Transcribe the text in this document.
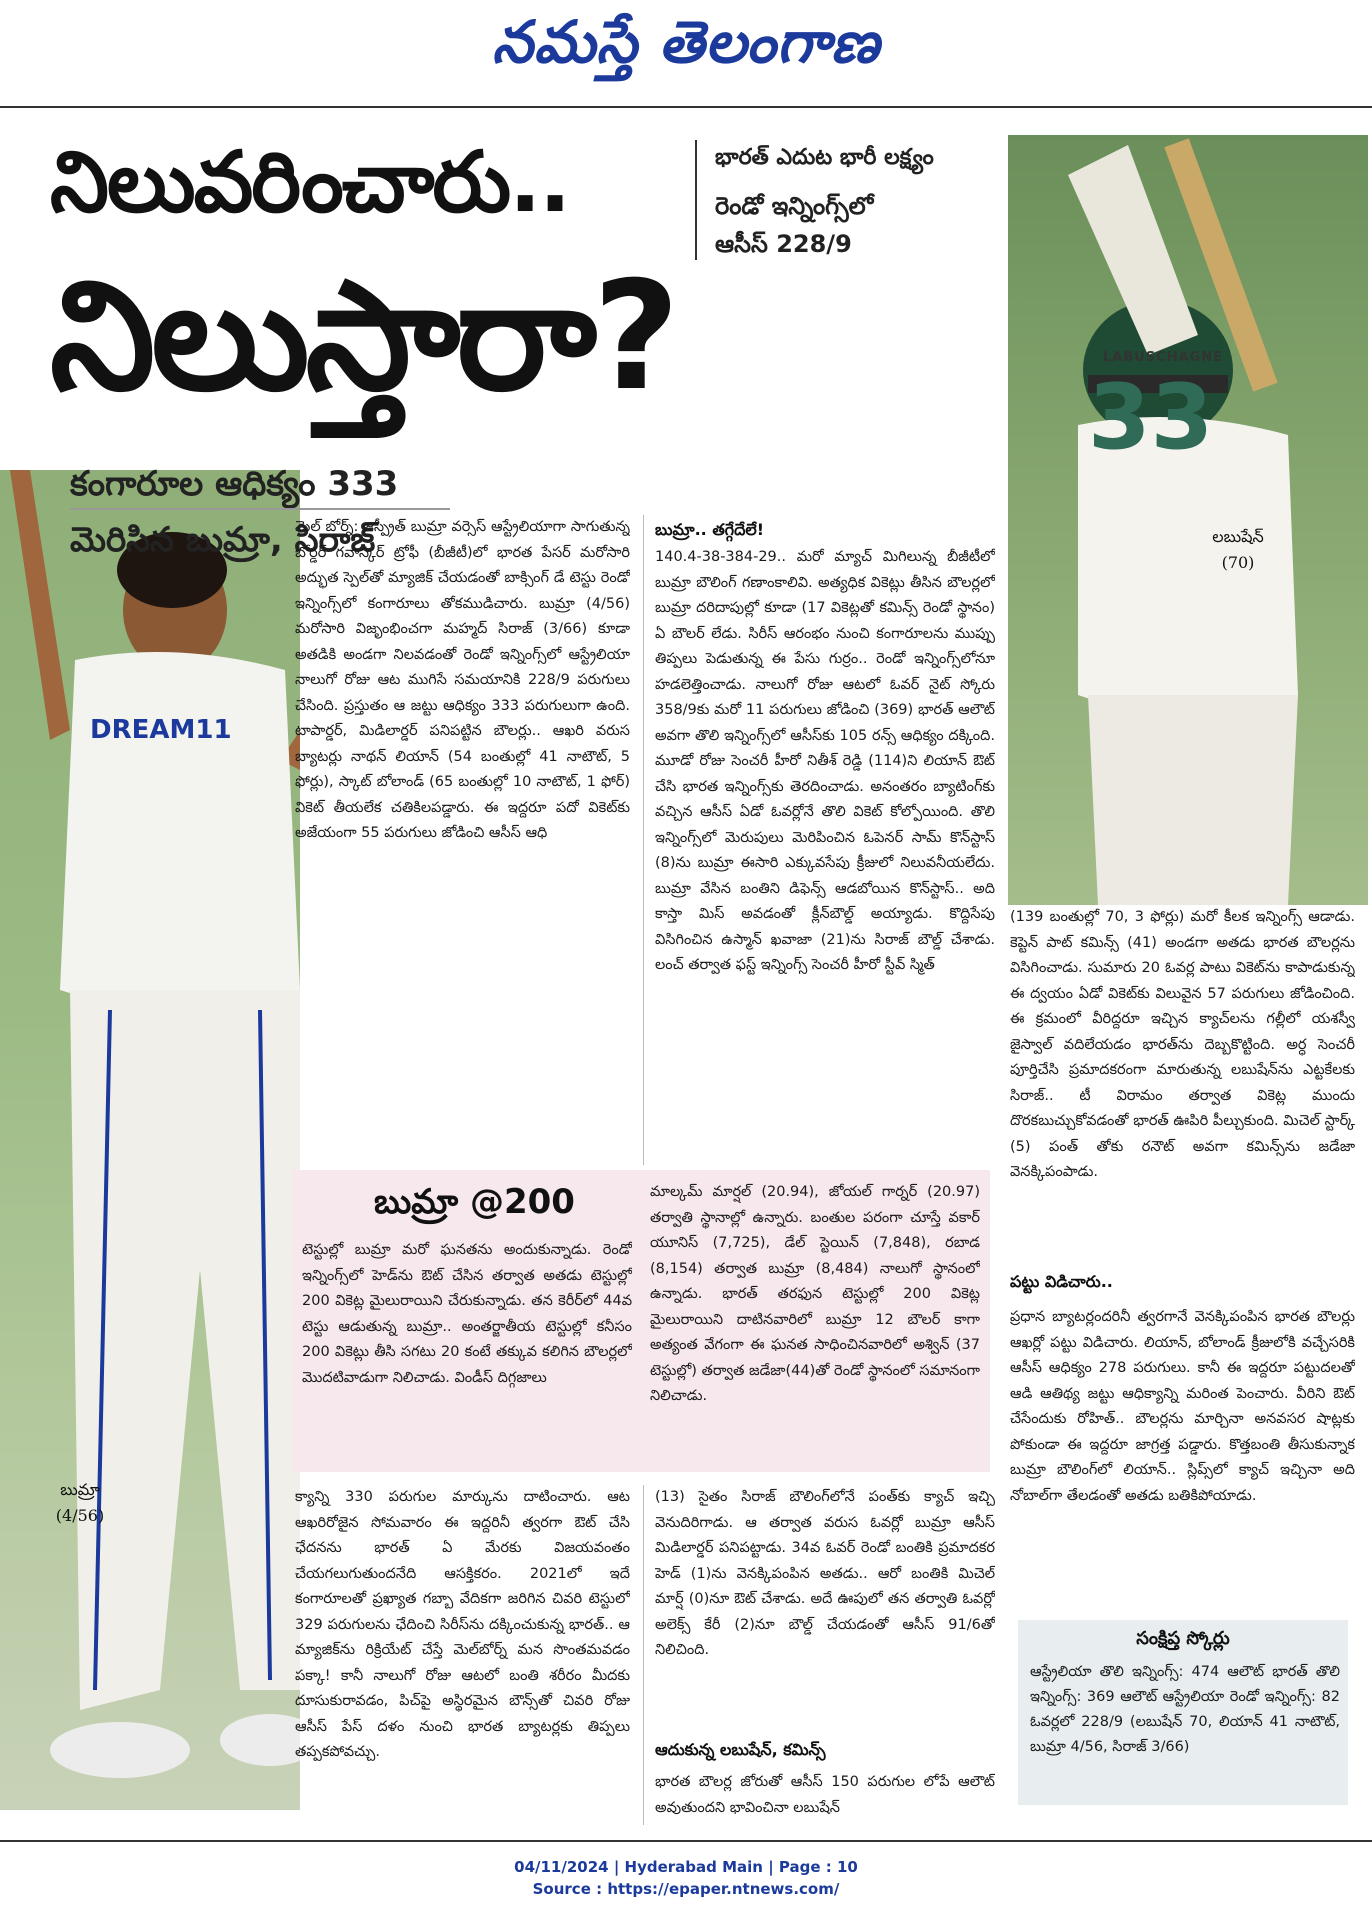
నమస్తే తెలంగాణ
నిలువరించారు..	భారత్ ఎదుట భారీ లక్ష్యం
రెండో ఇన్నింగ్స్‌లో
ఆసీస్ 228/9
నిలుస్తారా?
DREAM11
బుమ్రా
(4/56)
కంగారూల ఆధిక్యం 333
మెరిసిన బుమ్రా, సిరాజ్
LABUSCHAGNE
33
లబుషేన్
(70)
మెల్ బోర్న్: జస్ప్రీత్ బుమ్రా వర్సెస్ ఆస్ట్రేలియాగా సాగుతున్న బోర్డర్ గవాస్కర్ ట్రోఫీ (బీజీటీ)లో భారత పేసర్ మరోసారి అద్భుత స్పెల్‌తో మ్యాజిక్ చేయడంతో బాక్సింగ్ డే టెస్టు రెండో ఇన్నింగ్స్‌లో కంగారూలు తోకముడిచారు. బుమ్రా (4/56) మరోసారి విజృంభించగా మహ్మద్ సిరాజ్ (3/66) కూడా అతడికి అండగా నిలవడంతో రెండో ఇన్నింగ్స్‌లో ఆస్ట్రేలియా నాలుగో రోజు ఆట ముగిసే సమయానికి 228/9 పరుగులు చేసింది. ప్రస్తుతం ఆ జట్టు ఆధిక్యం 333 పరుగులుగా ఉంది. టాపార్డర్, మిడిలార్డర్ పనిపట్టిన బౌలర్లు.. ఆఖరి వరుస బ్యాటర్లు నాథన్ లియాన్ (54 బంతుల్లో 41 నాటౌట్, 5 ఫోర్లు), స్కాట్ బోలాండ్ (65 బంతుల్లో 10 నాటౌట్, 1 ఫోర్) వికెట్ తీయలేక చతికిలపడ్డారు. ఈ ఇద్దరూ పదో వికెట్‌కు అజేయంగా 55 పరుగులు జోడించి ఆసీస్ ఆధి
బుమ్రా.. తగ్గేదేలే!
140.4-38-384-29.. మరో మ్యాచ్ మిగిలున్న బీజీటీలో బుమ్రా బౌలింగ్ గణాంకాలివి. అత్యధిక వికెట్లు తీసిన బౌలర్లలో బుమ్రా దరిదాపుల్లో కూడా (17 వికెట్లతో కమిన్స్ రెండో స్థానం) ఏ బౌలర్ లేడు. సిరీస్ ఆరంభం నుంచి కంగారూలను ముప్పు తిప్పలు పెడుతున్న ఈ పేసు గుర్రం.. రెండో ఇన్నింగ్స్‌లోనూ హడలెత్తించాడు. నాలుగో రోజు ఆటలో ఓవర్ నైట్ స్కోరు 358/9కు మరో 11 పరుగులు జోడించి (369) భారత్ ఆలౌట్ అవగా తొలి ఇన్నింగ్స్‌లో ఆసీస్‌కు 105 రన్స్ ఆధిక్యం దక్కింది. మూడో రోజు సెంచరీ హీరో నితీశ్ రెడ్డి (114)ని లియాన్ ఔట్ చేసి భారత ఇన్నింగ్స్‌కు తెరదించాడు. అనంతరం బ్యాటింగ్‌కు వచ్చిన ఆసీస్ ఏడో ఓవర్లోనే తొలి వికెట్ కోల్పోయింది. తొలి ఇన్నింగ్స్‌లో మెరుపులు మెరిపించిన ఓపెనర్ సామ్ కొన్‌స్టాస్ (8)ను బుమ్రా ఈసారి ఎక్కువసేపు క్రీజులో నిలువనీయలేదు. బుమ్రా వేసిన బంతిని డిఫెన్స్ ఆడబోయిన కొన్‌స్టాస్.. అది కాస్తా మిస్ అవడంతో క్లీన్‌బౌల్డ్ అయ్యాడు. కొద్దిసేపు విసిగించిన ఉస్మాన్ ఖవాజా (21)ను సిరాజ్ బౌల్డ్ చేశాడు. లంచ్ తర్వాత ఫస్ట్ ఇన్నింగ్స్ సెంచరీ హీరో స్టీవ్ స్మిత్
(139 బంతుల్లో 70, 3 ఫోర్లు) మరో కీలక ఇన్నింగ్స్ ఆడాడు. కెప్టెన్ పాట్ కమిన్స్ (41) అండగా అతడు భారత బౌలర్లను విసిగించాడు. సుమారు 20 ఓవర్ల పాటు వికెట్‌ను కాపాడుకున్న ఈ ద్వయం ఏడో వికెట్‌కు విలువైన 57 పరుగులు జోడించింది. ఈ క్రమంలో వీరిద్దరూ ఇచ్చిన క్యాచ్‌లను గల్లీలో యశస్వీ జైస్వాల్ వదిలేయడం భారత్‌ను దెబ్బకొట్టింది. అర్ధ సెంచరీ పూర్తిచేసి ప్రమాదకరంగా మారుతున్న లబుషేన్‌ను ఎట్టకేలకు సిరాజ్.. టీ విరామం తర్వాత వికెట్ల ముందు దొరకబుచ్చుకోవడంతో భారత్ ఊపిరి పీల్చుకుంది. మిచెల్ స్టార్క్ (5) పంత్ తోకు రనౌట్ అవగా కమిన్స్‌ను జడేజా వెనక్కిపంపాడు.
పట్టు విడిచారు..
ప్రధాన బ్యాటర్లందరినీ త్వరగానే వెనక్కిపంపిన భారత బౌలర్లు ఆఖర్లో పట్టు విడిచారు. లియాన్, బోలాండ్ క్రీజులోకి వచ్చేసరికి ఆసీస్ ఆధిక్యం 278 పరుగులు. కానీ ఈ ఇద్దరూ పట్టుదలతో ఆడి ఆతిథ్య జట్టు ఆధిక్యాన్ని మరింత పెంచారు. వీరిని ఔట్ చేసేందుకు రోహిత్.. బౌలర్లను మార్చినా అనవసర షాట్లకు పోకుండా ఈ ఇద్దరూ జాగ్రత్త పడ్డారు. కొత్తబంతి తీసుకున్నాక బుమ్రా బౌలింగ్‌లో లియాన్.. స్లిప్స్‌లో క్యాచ్ ఇచ్చినా అది నోబాల్‌గా తేలడంతో అతడు బతికిపోయాడు.
బుమ్రా @200
టెస్టుల్లో బుమ్రా మరో ఘనతను అందుకున్నాడు. రెండో ఇన్నింగ్స్‌లో హెడ్‌ను ఔట్ చేసిన తర్వాత అతడు టెస్టుల్లో 200 వికెట్ల మైలురాయిని చేరుకున్నాడు. తన కెరీర్‌లో 44వ టెస్టు ఆడుతున్న బుమ్రా.. అంతర్జాతీయ టెస్టుల్లో కనీసం 200 వికెట్లు తీసి సగటు 20 కంటే తక్కువ కలిగిన బౌలర్లలో మొదటివాడుగా నిలిచాడు. విండీస్ దిగ్గజాలు
మాల్కమ్ మార్షల్ (20.94), జోయల్ గార్నర్ (20.97) తర్వాతి స్థానాల్లో ఉన్నారు. బంతుల పరంగా చూస్తే వకార్ యూనిస్ (7,725), డేల్ స్టెయిన్ (7,848), రబాడ (8,154) తర్వాత బుమ్రా (8,484) నాలుగో స్థానంలో ఉన్నాడు. భారత్ తరఫున టెస్టుల్లో 200 వికెట్ల మైలురాయిని దాటినవారిలో బుమ్రా 12 బౌలర్ కాగా అత్యంత వేగంగా ఈ ఘనత సాధించినవారిలో అశ్విన్ (37 టెస్టుల్లో) తర్వాత జడేజా(44)తో రెండో స్థానంలో సమానంగా నిలిచాడు.
క్యాన్ని 330 పరుగుల మార్కును దాటించారు. ఆట ఆఖరిరోజైన సోమవారం ఈ ఇద్దరినీ త్వరగా ఔట్ చేసి ఛేదనను భారత్ ఏ మేరకు విజయవంతం చేయగలుగుతుందనేది ఆసక్తికరం. 2021లో ఇదే కంగారూలతో ప్రఖ్యాత గబ్బా వేదికగా జరిగిన చివరి టెస్టులో 329 పరుగులను ఛేదించి సిరీస్‌ను దక్కించుకున్న భారత్.. ఆ మ్యాజిక్‌ను రిక్రియేట్ చేస్తే మెల్‌బోర్న్ మన సొంతమవడం పక్కా! కానీ నాలుగో రోజు ఆటలో బంతి శరీరం మీదకు దూసుకురావడం, పిచ్‌పై అస్థిరమైన బౌన్స్‌తో చివరి రోజు ఆసీస్ పేస్ దళం నుంచి భారత బ్యాటర్లకు తిప్పలు తప్పకపోవచ్చు.
(13) సైతం సిరాజ్ బౌలింగ్‌లోనే పంత్‌కు క్యాచ్ ఇచ్చి వెనుదిరిగాడు. ఆ తర్వాత వరుస ఓవర్లో బుమ్రా ఆసీస్ మిడిలార్డర్ పనిపట్టాడు. 34వ ఓవర్ రెండో బంతికి ప్రమాదకర హెడ్ (1)ను వెనక్కిపంపిన అతడు.. ఆరో బంతికి మిచెల్ మార్ష్ (0)నూ ఔట్ చేశాడు. అదే ఊపులో తన తర్వాతి ఓవర్లో అలెక్స్ కేరీ (2)నూ బౌల్డ్ చేయడంతో ఆసీస్ 91/6తో నిలిచింది.
ఆదుకున్న లబుషేన్, కమిన్స్
భారత బౌలర్ల జోరుతో ఆసీస్ 150 పరుగుల లోపే ఆలౌట్ అవుతుందని భావించినా లబుషేన్
సంక్షిప్త స్కోర్లు
ఆస్ట్రేలియా తొలి ఇన్నింగ్స్: 474 ఆలౌట్ భారత్ తొలి ఇన్నింగ్స్: 369 ఆలౌట్ ఆస్ట్రేలియా రెండో ఇన్నింగ్స్: 82 ఓవర్లలో 228/9 (లబుషేన్ 70, లియాన్ 41 నాటౌట్, బుమ్రా 4/56, సిరాజ్ 3/66)
04/11/2024 | Hyderabad Main | Page : 10
Source : https://epaper.ntnews.com/
